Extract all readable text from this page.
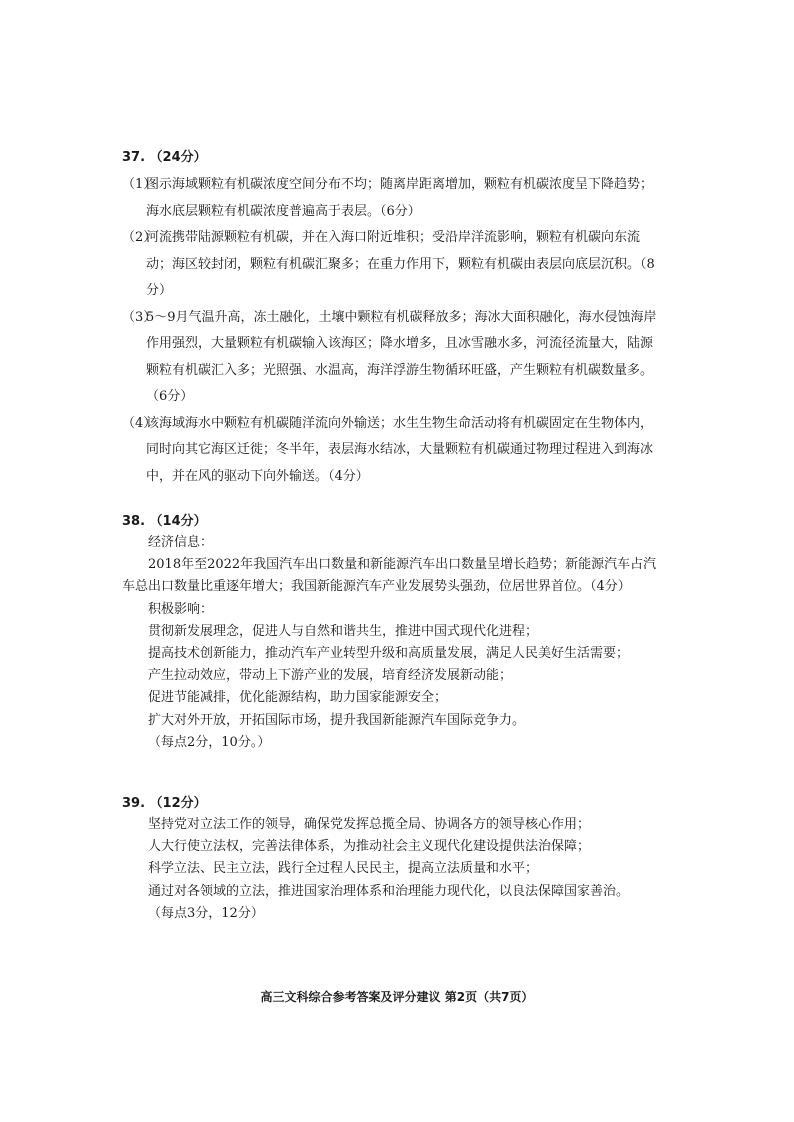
37. （24分）
（1）
图示海域颗粒有机碳浓度空间分布不均；随离岸距离增加，颗粒有机碳浓度呈下降趋势；海水底层颗粒有机碳浓度普遍高于表层。（6分）
（2）
河流携带陆源颗粒有机碳，并在入海口附近堆积；受沿岸洋流影响，颗粒有机碳向东流动；海区较封闭，颗粒有机碳汇聚多；在重力作用下，颗粒有机碳由表层向底层沉积。（8分）
（3）
5～9月气温升高，冻土融化，土壤中颗粒有机碳释放多；海冰大面积融化，海水侵蚀海岸作用强烈，大量颗粒有机碳输入该海区；降水增多，且冰雪融水多，河流径流量大，陆源颗粒有机碳汇入多；光照强、水温高，海洋浮游生物循环旺盛，产生颗粒有机碳数量多。（6分）
（4）
该海域海水中颗粒有机碳随洋流向外输送；水生生物生命活动将有机碳固定在生物体内，同时向其它海区迁徙；冬半年，表层海水结冰，大量颗粒有机碳通过物理过程进入到海冰中，并在风的驱动下向外输送。（4分）
38. （14分）
经济信息：
2018年至2022年我国汽车出口数量和新能源汽车出口数量呈增长趋势；新能源汽车占汽车总出口数量比重逐年增大；我国新能源汽车产业发展势头强劲，位居世界首位。（4分）
积极影响：
贯彻新发展理念，促进人与自然和谐共生，推进中国式现代化进程；
提高技术创新能力，推动汽车产业转型升级和高质量发展，满足人民美好生活需要；
产生拉动效应，带动上下游产业的发展，培育经济发展新动能；
促进节能减排，优化能源结构，助力国家能源安全；
扩大对外开放，开拓国际市场，提升我国新能源汽车国际竞争力。
（每点2分，10分。）
39. （12分）
坚持党对立法工作的领导，确保党发挥总揽全局、协调各方的领导核心作用；
人大行使立法权，完善法律体系，为推动社会主义现代化建设提供法治保障；
科学立法、民主立法，践行全过程人民民主，提高立法质量和水平；
通过对各领域的立法，推进国家治理体系和治理能力现代化，以良法保障国家善治。
（每点3分，12分）
高三文科综合参考答案及评分建议 第2页（共7页）
